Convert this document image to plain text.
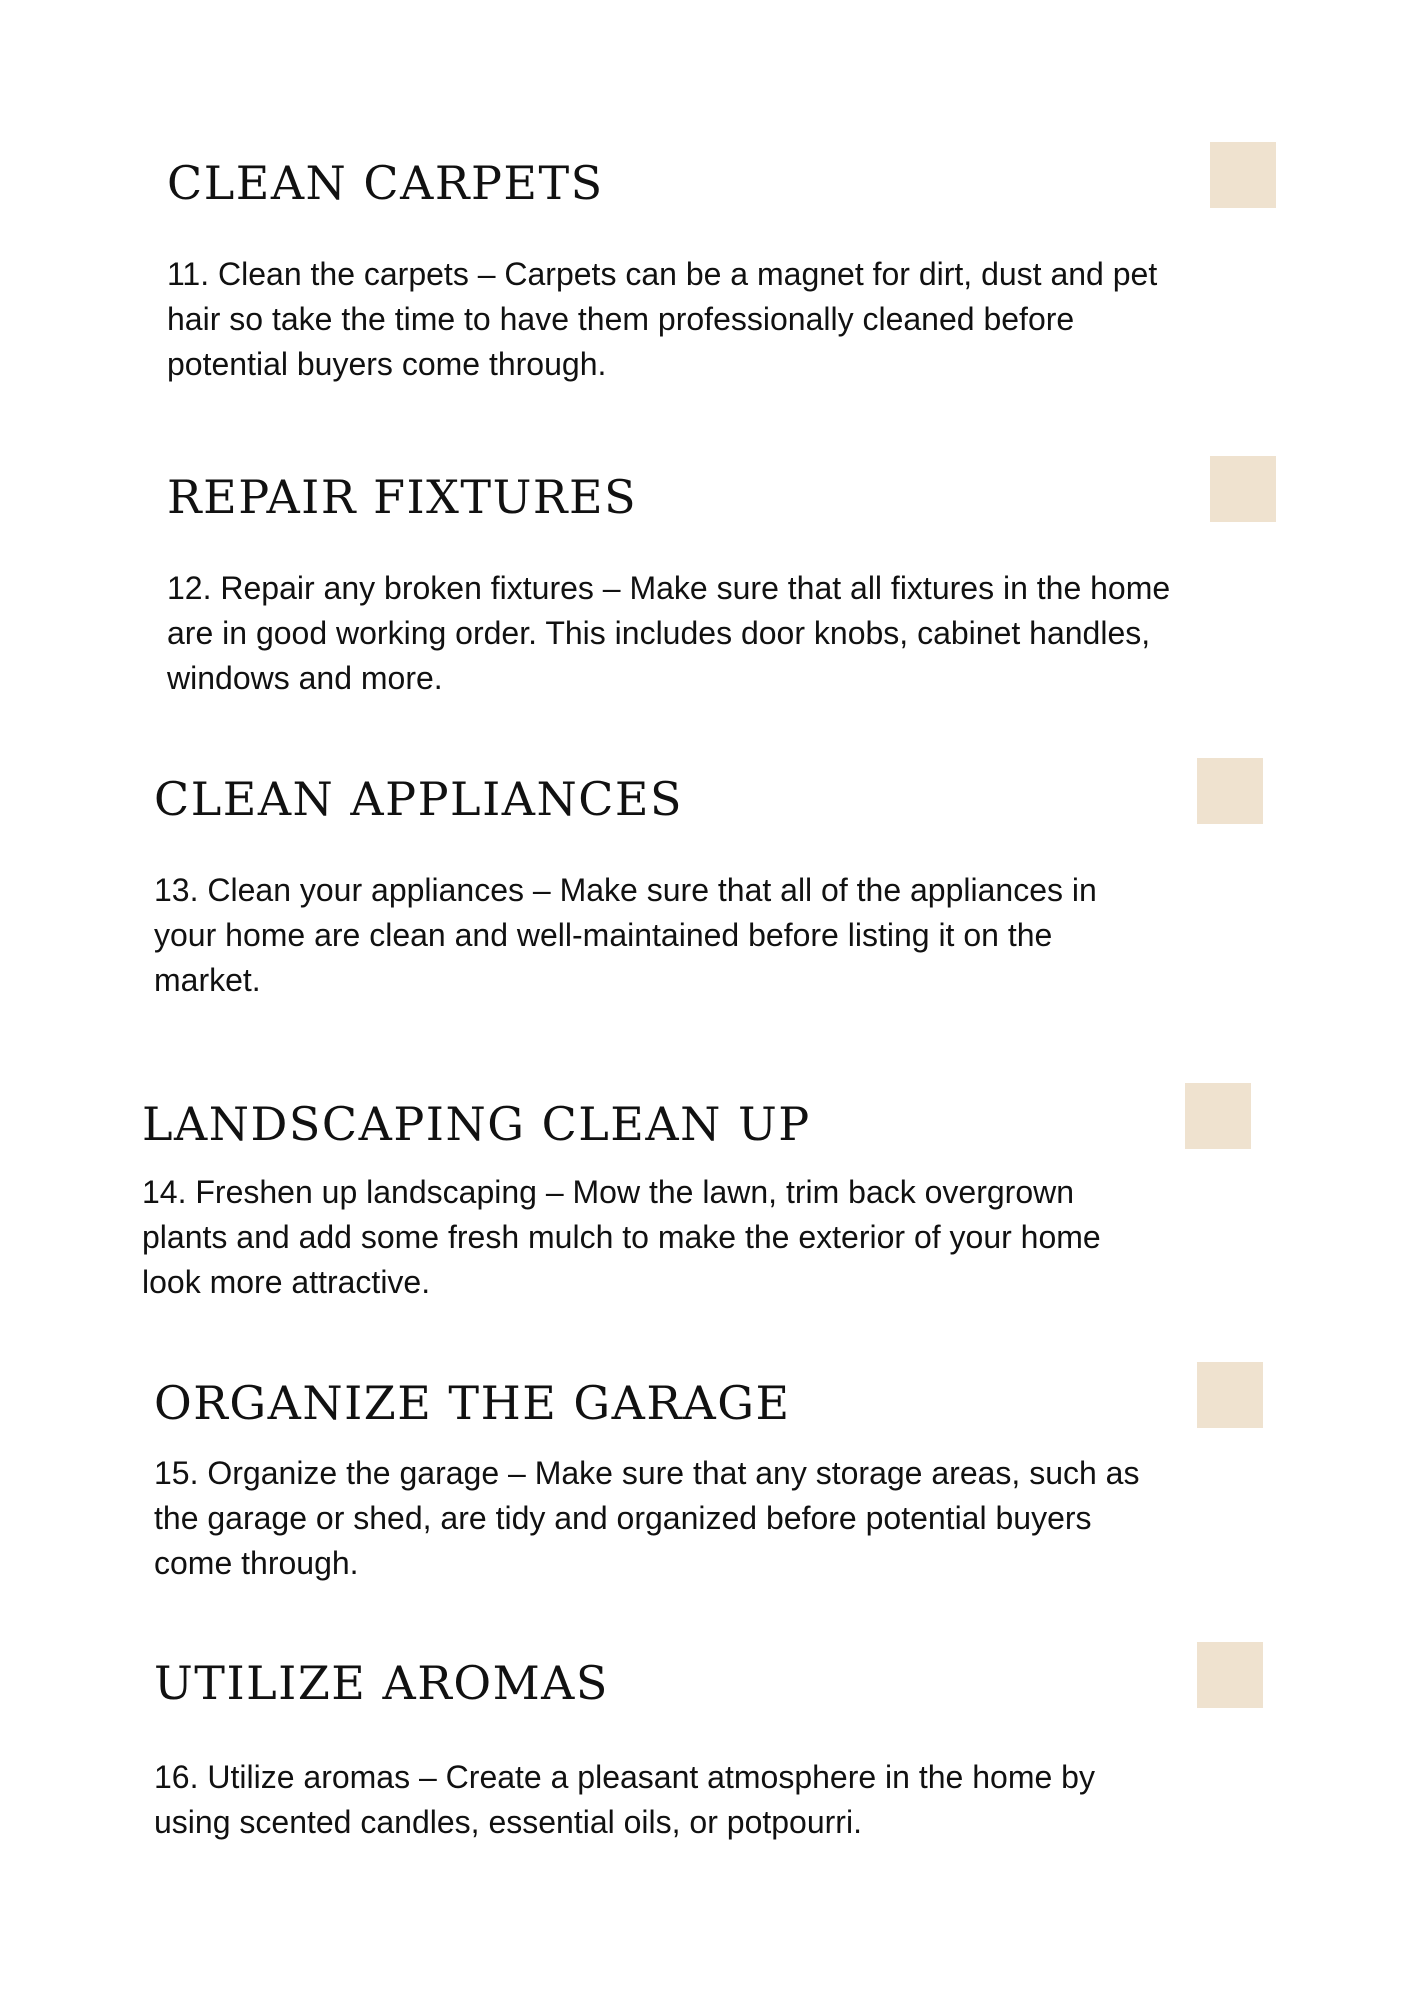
CLEAN CARPETS

11. Clean the carpets – Carpets can be a magnet for dirt, dust and pet hair so take the time to have them professionally cleaned before potential buyers come through.

REPAIR FIXTURES

12. Repair any broken fixtures – Make sure that all fixtures in the home are in good working order. This includes door knobs, cabinet handles, windows and more.

CLEAN APPLIANCES

13. Clean your appliances – Make sure that all of the appliances in your home are clean and well-maintained before listing it on the market.

LANDSCAPING CLEAN UP

14. Freshen up landscaping – Mow the lawn, trim back overgrown plants and add some fresh mulch to make the exterior of your home look more attractive.

ORGANIZE THE GARAGE

15. Organize the garage – Make sure that any storage areas, such as the garage or shed, are tidy and organized before potential buyers come through.

UTILIZE AROMAS

16. Utilize aromas – Create a pleasant atmosphere in the home by using scented candles, essential oils, or potpourri.
